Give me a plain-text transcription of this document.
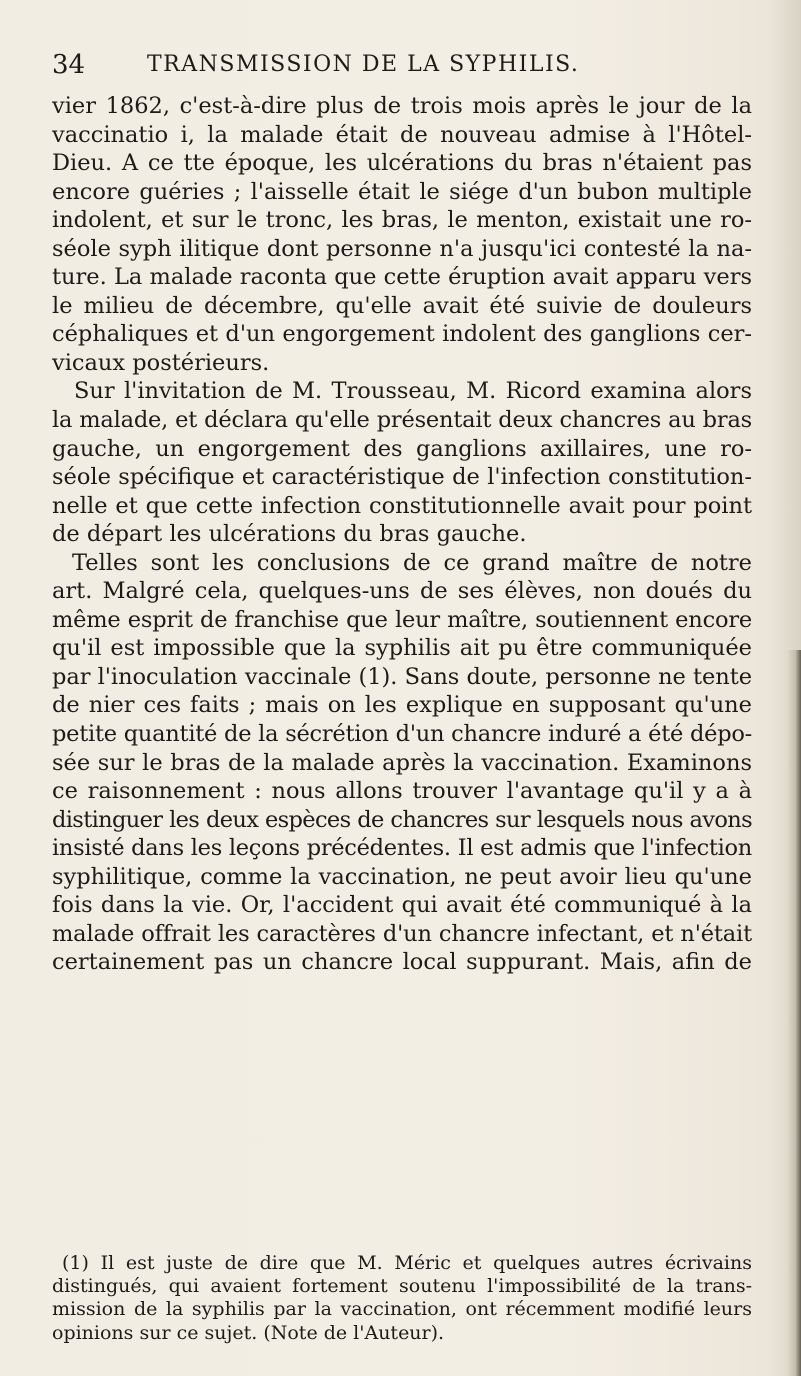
34	TRANSMISSION DE LA SYPHILIS.
vier 1862, c'est-à-dire plus de trois mois après le jour de la
vaccinatio i, la malade était de nouveau admise à l'Hôtel-
Dieu. A ce tte époque, les ulcérations du bras n'étaient pas
encore guéries ; l'aisselle était le siége d'un bubon multiple
indolent, et sur le tronc, les bras, le menton, existait une ro-
séole syph ilitique dont personne n'a jusqu'ici contesté la na-
ture. La malade raconta que cette éruption avait apparu vers
le milieu de décembre, qu'elle avait été suivie de douleurs
céphaliques et d'un engorgement indolent des ganglions cer-
vicaux postérieurs.
Sur l'invitation de M. Trousseau, M. Ricord examina alors
la malade, et déclara qu'elle présentait deux chancres au bras
gauche, un engorgement des ganglions axillaires, une ro-
séole spécifique et caractéristique de l'infection constitution-
nelle et que cette infection constitutionnelle avait pour point
de départ les ulcérations du bras gauche.
Telles sont les conclusions de ce grand maître de notre
art. Malgré cela, quelques-uns de ses élèves, non doués du
même esprit de franchise que leur maître, soutiennent encore
qu'il est impossible que la syphilis ait pu être communiquée
par l'inoculation vaccinale (1). Sans doute, personne ne tente
de nier ces faits ; mais on les explique en supposant qu'une
petite quantité de la sécrétion d'un chancre induré a été dépo-
sée sur le bras de la malade après la vaccination. Examinons
ce raisonnement : nous allons trouver l'avantage qu'il y a à
distinguer les deux espèces de chancres sur lesquels nous avons
insisté dans les leçons précédentes. Il est admis que l'infection
syphilitique, comme la vaccination, ne peut avoir lieu qu'une
fois dans la vie. Or, l'accident qui avait été communiqué à la
malade offrait les caractères d'un chancre infectant, et n'était
certainement pas un chancre local suppurant. Mais, afin de
(1) Il est juste de dire que M. Méric et quelques autres écrivains
distingués, qui avaient fortement soutenu l'impossibilité de la trans-
mission de la syphilis par la vaccination, ont récemment modifié leurs
opinions sur ce sujet. (Note de l'Auteur).
